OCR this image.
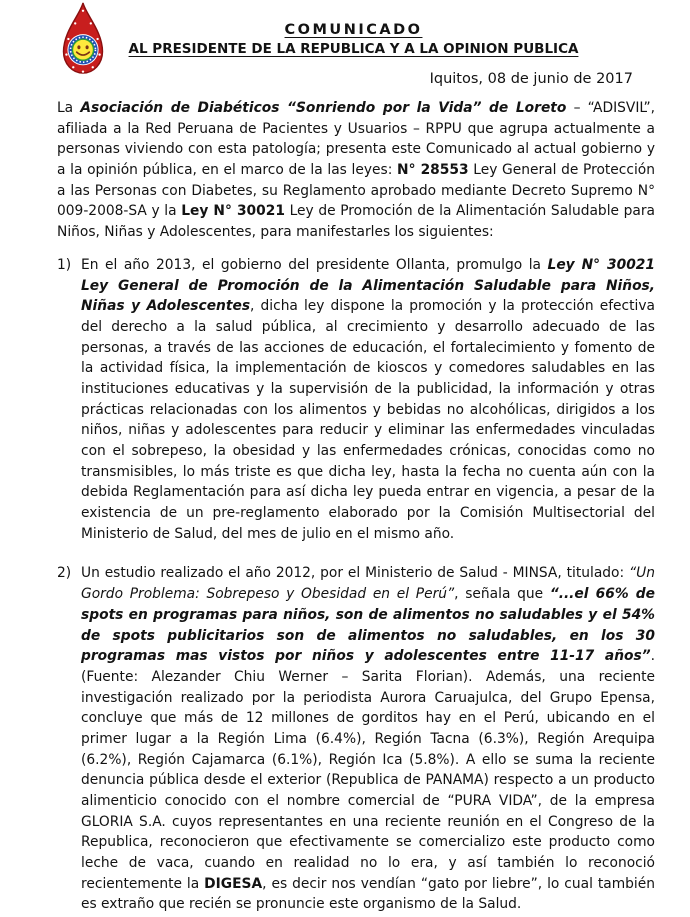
COMUNICADO
AL PRESIDENTE DE LA REPUBLICA Y A LA OPINION PUBLICA
Iquitos, 08 de junio de 2017

La Asociación de Diabéticos “Sonriendo por la Vida” de Loreto – “ADISVIL”, afiliada a la Red Peruana de Pacientes y Usuarios – RPPU que agrupa actualmente a personas viviendo con esta patología; presenta este Comunicado al actual gobierno y a la opinión pública, en el marco de la las leyes: N° 28553 Ley General de Protección a las Personas con Diabetes, su Reglamento aprobado mediante Decreto Supremo N° 009-2008-SA y la Ley N° 30021 Ley de Promoción de la Alimentación Saludable para Niños, Niñas y Adolescentes, para manifestarles los siguientes:

1) En el año 2013, el gobierno del presidente Ollanta, promulgo la Ley N° 30021 Ley General de Promoción de la Alimentación Saludable para Niños, Niñas y Adolescentes, dicha ley dispone la promoción y la protección efectiva del derecho a la salud pública, al crecimiento y desarrollo adecuado de las personas, a través de las acciones de educación, el fortalecimiento y fomento de la actividad física, la implementación de kioscos y comedores saludables en las instituciones educativas y la supervisión de la publicidad, la información y otras prácticas relacionadas con los alimentos y bebidas no alcohólicas, dirigidos a los niños, niñas y adolescentes para reducir y eliminar las enfermedades vinculadas con el sobrepeso, la obesidad y las enfermedades crónicas, conocidas como no transmisibles, lo más triste es que dicha ley, hasta la fecha no cuenta aún con la debida Reglamentación para así dicha ley pueda entrar en vigencia, a pesar de la existencia de un pre-reglamento elaborado por la Comisión Multisectorial del Ministerio de Salud, del mes de julio en el mismo año.
2) Un estudio realizado el año 2012, por el Ministerio de Salud - MINSA, titulado: “Un Gordo Problema: Sobrepeso y Obesidad en el Perú”, señala que “...el 66% de spots en programas para niños, son de alimentos no saludables y el 54% de spots publicitarios son de alimentos no saludables, en los 30 programas mas vistos por niños y adolescentes entre 11-17 años”. (Fuente: Alezander Chiu Werner – Sarita Florian). Además, una reciente investigación realizado por la periodista Aurora Caruajulca, del Grupo Epensa, concluye que más de 12 millones de gorditos hay en el Perú, ubicando en el primer lugar a la Región Lima (6.4%), Región Tacna (6.3%), Región Arequipa (6.2%), Región Cajamarca (6.1%), Región Ica (5.8%). A ello se suma la reciente denuncia pública desde el exterior (Republica de PANAMA) respecto a un producto alimenticio conocido con el nombre comercial de “PURA VIDA”, de la empresa GLORIA S.A. cuyos representantes en una reciente reunión en el Congreso de la Republica, reconocieron que efectivamente se comercializo este producto como leche de vaca, cuando en realidad no lo era, y así también lo reconoció recientemente la DIGESA, es decir nos vendían “gato por liebre”, lo cual también es extraño que recién se pronuncie este organismo de la Salud.
